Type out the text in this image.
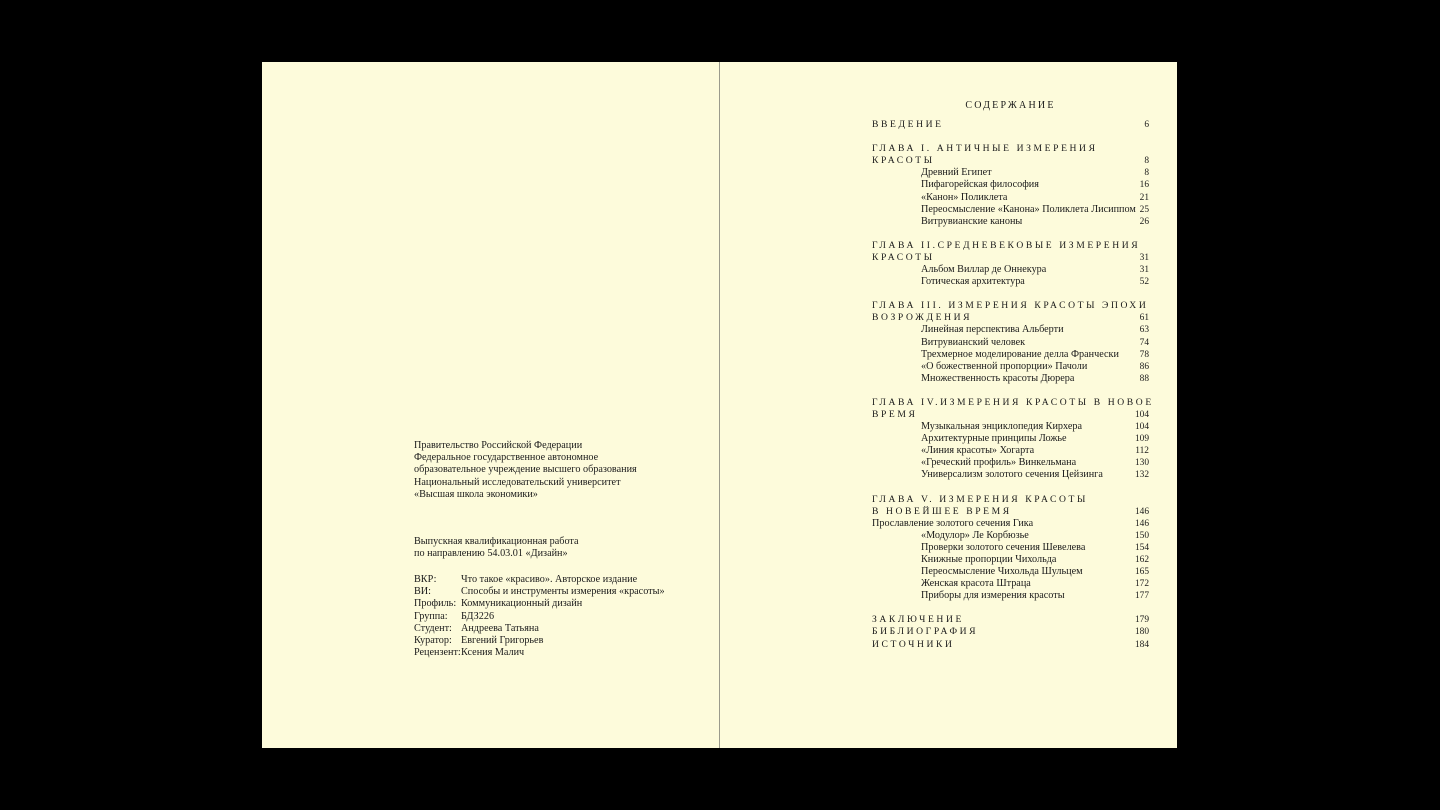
Правительство Российской Федерации
Федеральное государственное автономное
образовательное учреждение высшего образования
Национальный исследовательский университет
«Высшая школа экономики»
Выпускная квалификационная работа
по направлению 54.03.01 «Дизайн»
ВКР:	Что такое «красиво». Авторское издание
ВИ:	Способы и инструменты измерения «красоты»
Профиль: Коммуникационный дизайн
Группа:	БДЗ226
Студент: Андреева Татьяна
Куратор: Евгений Григорьев
Рецензент: Ксения Малич
СОДЕРЖАНИЕ
ВВЕДЕНИЕ	6
ГЛАВА I. АНТИЧНЫЕ ИЗМЕРЕНИЯ
КРАСОТЫ	8
Древний Египет	8
Пифагорейская философия	16
«Канон» Поликлета	21
Переосмысление «Канона» Поликлета Лисиппом 25
Витрувианские каноны	26
ГЛАВА II.СРЕДНЕВЕКОВЫЕ ИЗМЕРЕНИЯ
КРАСОТЫ	31
Альбом Виллар де Оннекура	31
Готическая архитектура	52
ГЛАВА III. ИЗМЕРЕНИЯ КРАСОТЫ ЭПОХИ
ВОЗРОЖДЕНИЯ	61
Линейная перспектива Альберти	63
Витрувианский человек	74
Трехмерное моделирование делла Франчески 78
«О божественной пропорции» Пачоли	86
Множественность красоты Дюрера	88
ГЛАВА IV.ИЗМЕРЕНИЯ КРАСОТЫ В НОВОЕ
ВРЕМЯ	104
Музыкальная энциклопедия Кирхера	104
Архитектурные принципы Ложье	109
«Линия красоты» Хогарта	112
«Греческий профиль» Винкельмана	130
Универсализм золотого сечения Цейзинга	132
ГЛАВА V. ИЗМЕРЕНИЯ КРАСОТЫ
В НОВЕЙШЕЕ ВРЕМЯ	146
Прославление золотого сечения Гика	146
«Модулор» Ле Корбюзье	150
Проверки золотого сечения Шевелева	154
Книжные пропорции Чихольда	162
Переосмысление Чихольда Шульцем	165
Женская красота Штраца	172
Приборы для измерения красоты	177
ЗАКЛЮЧЕНИЕ	179
БИБЛИОГРАФИЯ	180
ИСТОЧНИКИ	184
